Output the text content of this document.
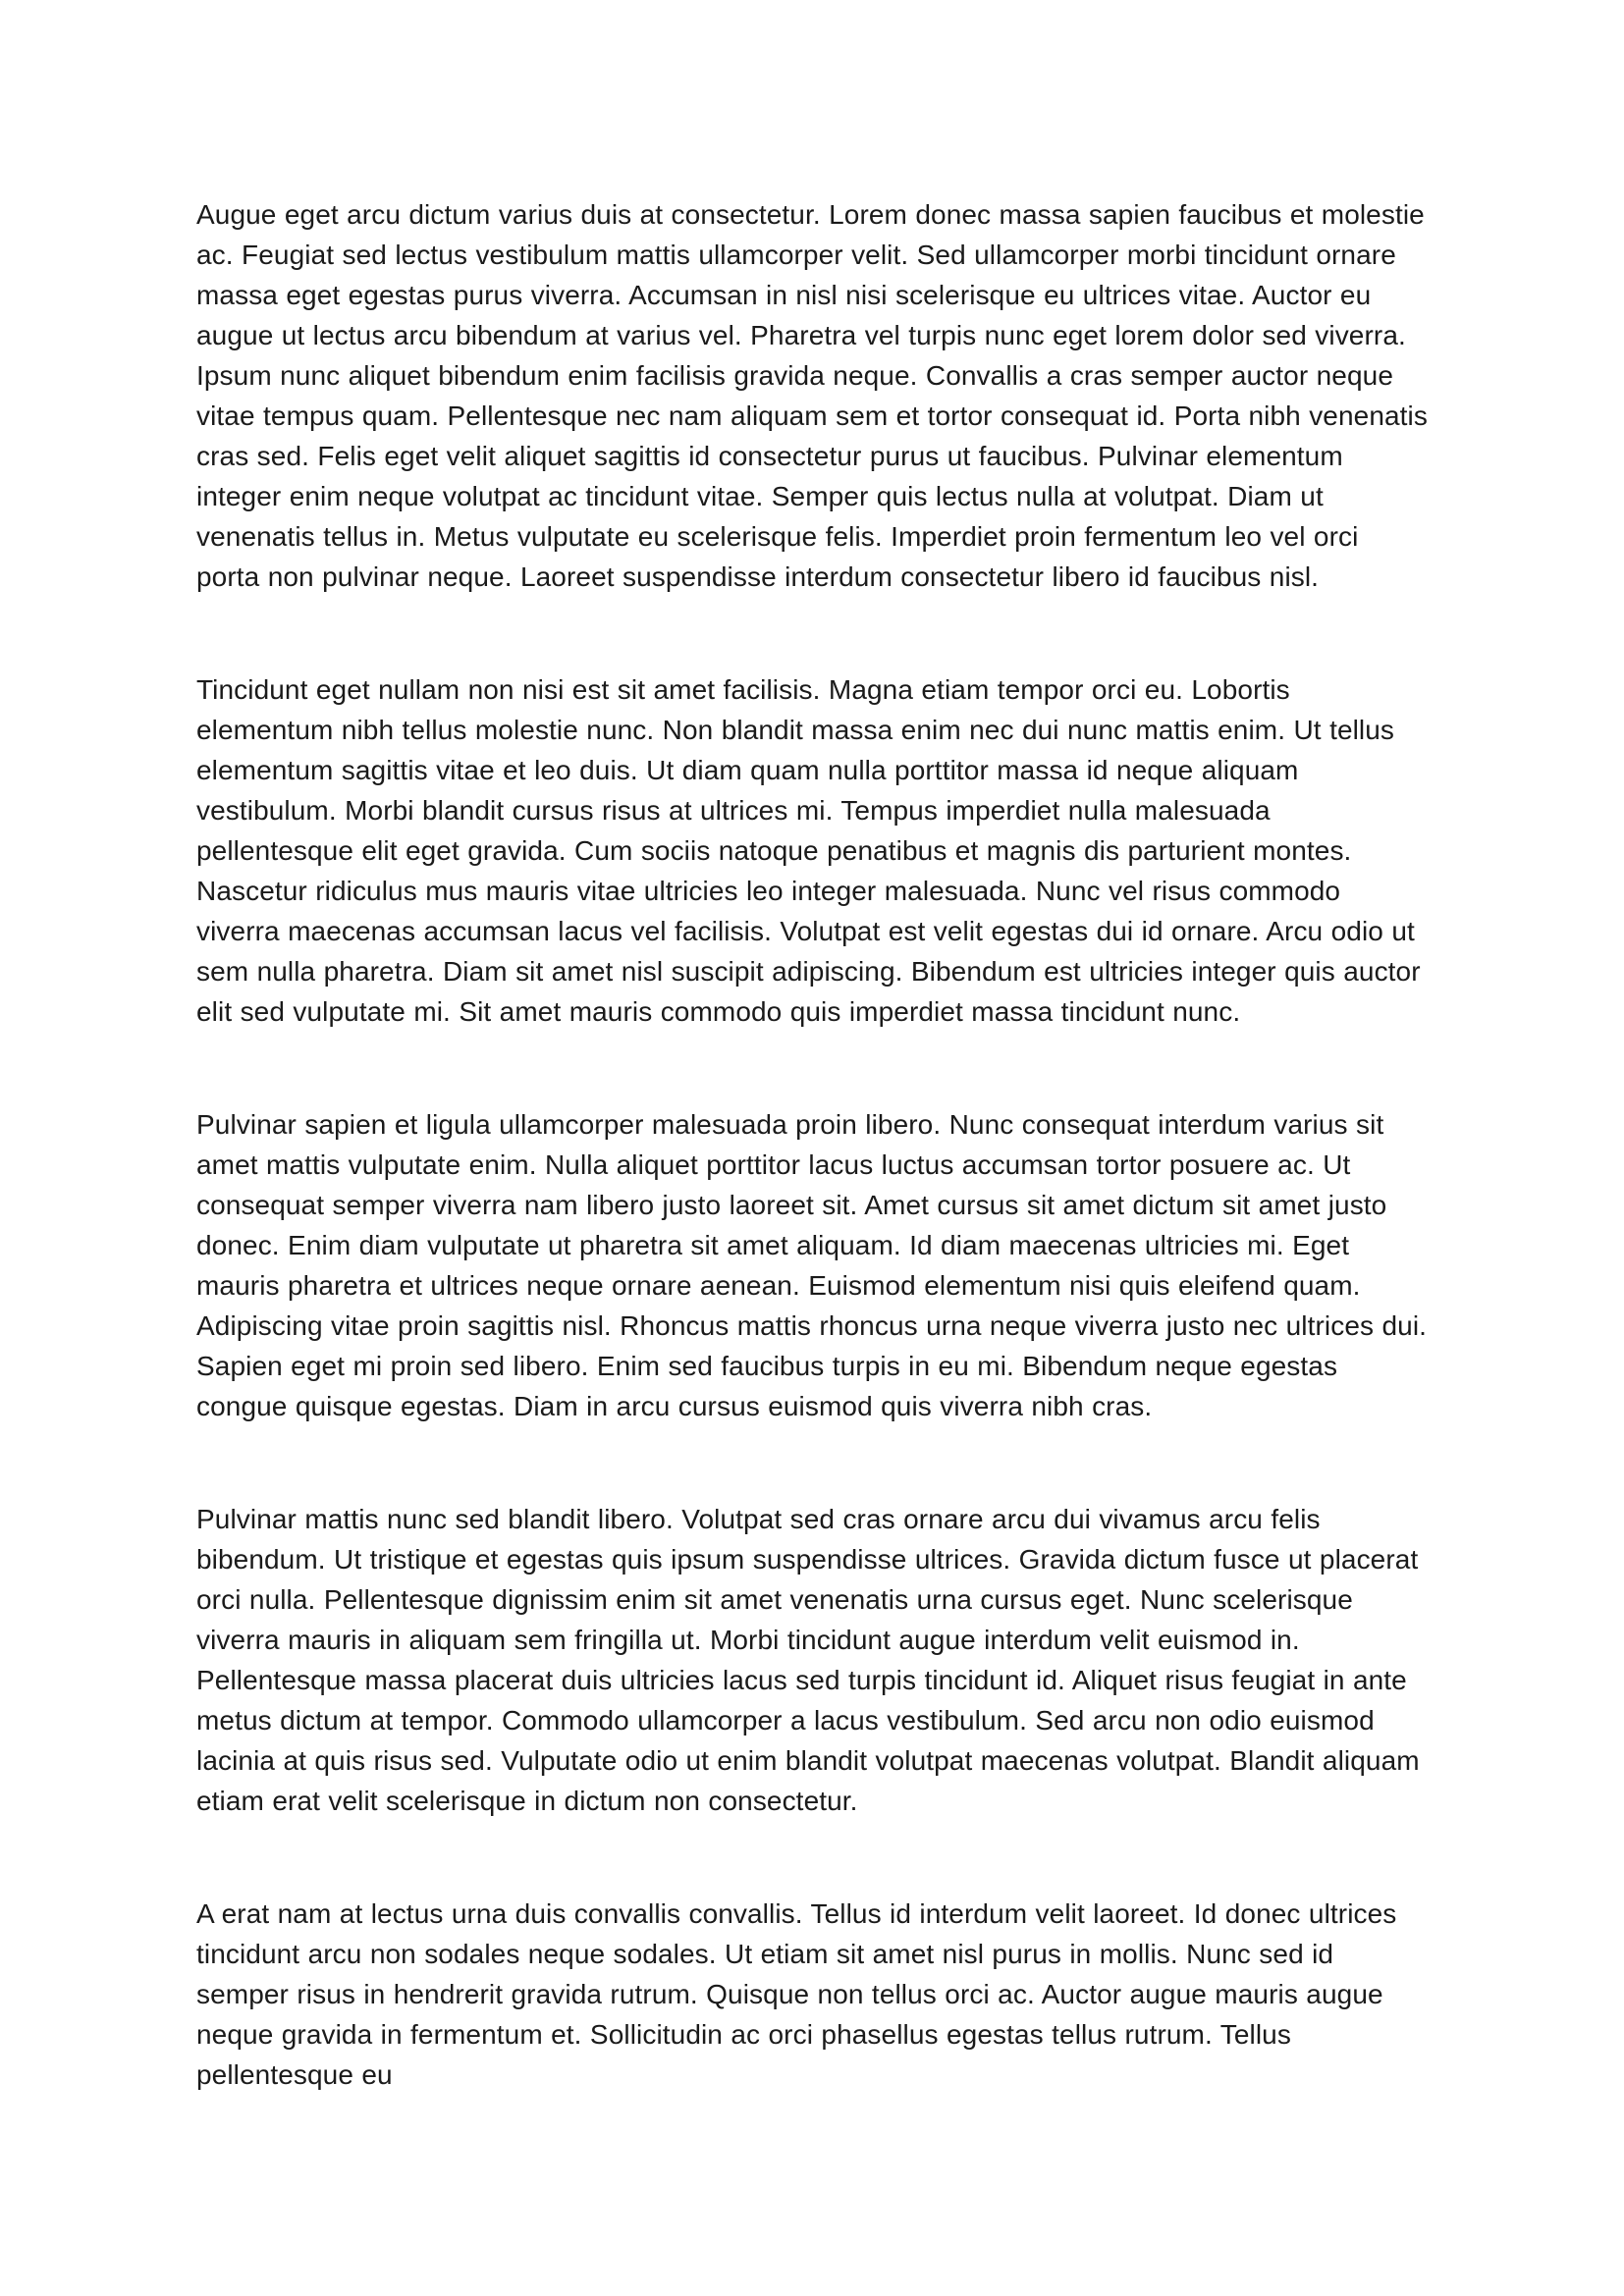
Augue eget arcu dictum varius duis at consectetur. Lorem donec massa sapien faucibus et molestie ac. Feugiat sed lectus vestibulum mattis ullamcorper velit. Sed ullamcorper morbi tincidunt ornare massa eget egestas purus viverra. Accumsan in nisl nisi scelerisque eu ultrices vitae. Auctor eu augue ut lectus arcu bibendum at varius vel. Pharetra vel turpis nunc eget lorem dolor sed viverra. Ipsum nunc aliquet bibendum enim facilisis gravida neque. Convallis a cras semper auctor neque vitae tempus quam. Pellentesque nec nam aliquam sem et tortor consequat id. Porta nibh venenatis cras sed. Felis eget velit aliquet sagittis id consectetur purus ut faucibus. Pulvinar elementum integer enim neque volutpat ac tincidunt vitae. Semper quis lectus nulla at volutpat. Diam ut venenatis tellus in. Metus vulputate eu scelerisque felis. Imperdiet proin fermentum leo vel orci porta non pulvinar neque. Laoreet suspendisse interdum consectetur libero id faucibus nisl.

Tincidunt eget nullam non nisi est sit amet facilisis. Magna etiam tempor orci eu. Lobortis elementum nibh tellus molestie nunc. Non blandit massa enim nec dui nunc mattis enim. Ut tellus elementum sagittis vitae et leo duis. Ut diam quam nulla porttitor massa id neque aliquam vestibulum. Morbi blandit cursus risus at ultrices mi. Tempus imperdiet nulla malesuada pellentesque elit eget gravida. Cum sociis natoque penatibus et magnis dis parturient montes. Nascetur ridiculus mus mauris vitae ultricies leo integer malesuada. Nunc vel risus commodo viverra maecenas accumsan lacus vel facilisis. Volutpat est velit egestas dui id ornare. Arcu odio ut sem nulla pharetra. Diam sit amet nisl suscipit adipiscing. Bibendum est ultricies integer quis auctor elit sed vulputate mi. Sit amet mauris commodo quis imperdiet massa tincidunt nunc.

Pulvinar sapien et ligula ullamcorper malesuada proin libero. Nunc consequat interdum varius sit amet mattis vulputate enim. Nulla aliquet porttitor lacus luctus accumsan tortor posuere ac. Ut consequat semper viverra nam libero justo laoreet sit. Amet cursus sit amet dictum sit amet justo donec. Enim diam vulputate ut pharetra sit amet aliquam. Id diam maecenas ultricies mi. Eget mauris pharetra et ultrices neque ornare aenean. Euismod elementum nisi quis eleifend quam. Adipiscing vitae proin sagittis nisl. Rhoncus mattis rhoncus urna neque viverra justo nec ultrices dui. Sapien eget mi proin sed libero. Enim sed faucibus turpis in eu mi. Bibendum neque egestas congue quisque egestas. Diam in arcu cursus euismod quis viverra nibh cras.

Pulvinar mattis nunc sed blandit libero. Volutpat sed cras ornare arcu dui vivamus arcu felis bibendum. Ut tristique et egestas quis ipsum suspendisse ultrices. Gravida dictum fusce ut placerat orci nulla. Pellentesque dignissim enim sit amet venenatis urna cursus eget. Nunc scelerisque viverra mauris in aliquam sem fringilla ut. Morbi tincidunt augue interdum velit euismod in. Pellentesque massa placerat duis ultricies lacus sed turpis tincidunt id. Aliquet risus feugiat in ante metus dictum at tempor. Commodo ullamcorper a lacus vestibulum. Sed arcu non odio euismod lacinia at quis risus sed. Vulputate odio ut enim blandit volutpat maecenas volutpat. Blandit aliquam etiam erat velit scelerisque in dictum non consectetur.

A erat nam at lectus urna duis convallis convallis. Tellus id interdum velit laoreet. Id donec ultrices tincidunt arcu non sodales neque sodales. Ut etiam sit amet nisl purus in mollis. Nunc sed id semper risus in hendrerit gravida rutrum. Quisque non tellus orci ac. Auctor augue mauris augue neque gravida in fermentum et. Sollicitudin ac orci phasellus egestas tellus rutrum. Tellus pellentesque eu
